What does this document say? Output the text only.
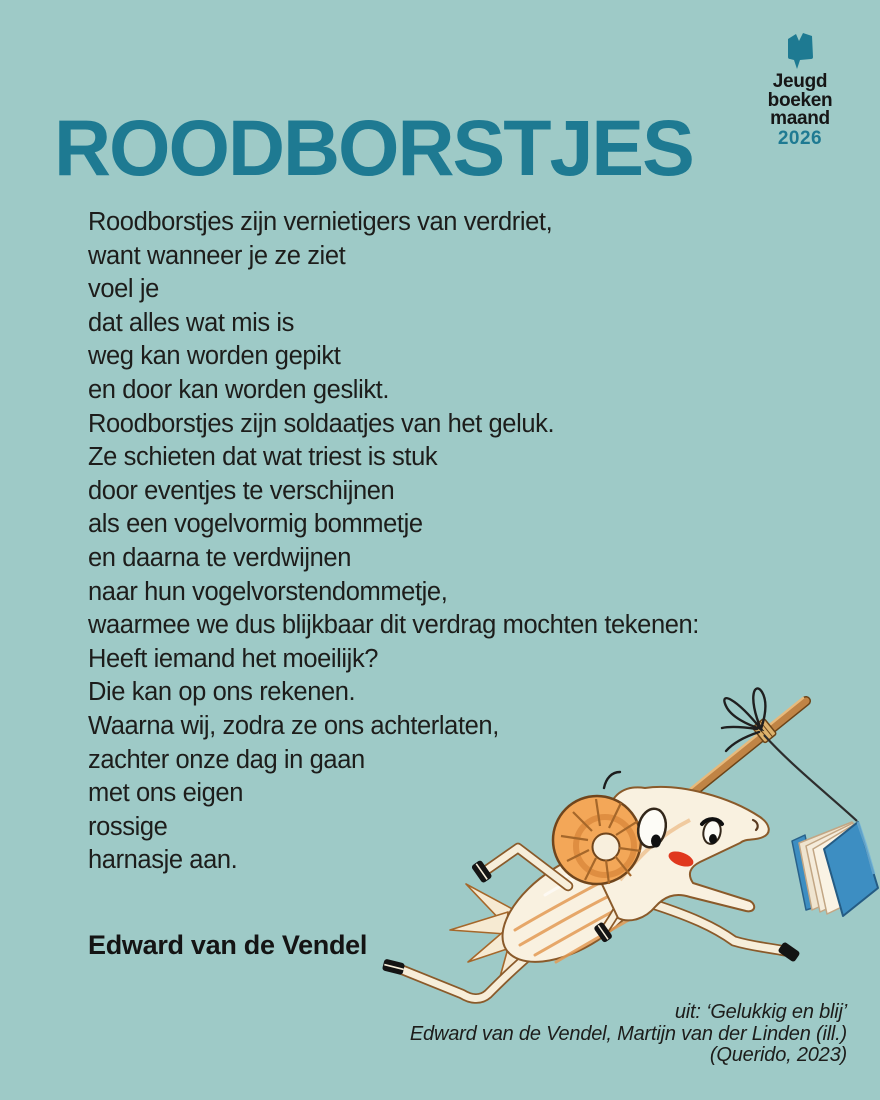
Jeugd
boeken
maand
2026
ROODBORSTJES
Roodborstjes zijn vernietigers van verdriet,
want wanneer je ze ziet
voel je
dat alles wat mis is
weg kan worden gepikt
en door kan worden geslikt.
Roodborstjes zijn soldaatjes van het geluk.
Ze schieten dat wat triest is stuk
door eventjes te verschijnen
als een vogelvormig bommetje
en daarna te verdwijnen
naar hun vogelvorstendommetje,
waarmee we dus blijkbaar dit verdrag mochten tekenen:
Heeft iemand het moeilijk?
Die kan op ons rekenen.
Waarna wij, zodra ze ons achterlaten,
zachter onze dag in gaan
met ons eigen
rossige
harnasje aan.
Edward van de Vendel
uit: ‘Gelukkig en blij’
Edward van de Vendel, Martijn van der Linden (ill.)
(Querido, 2023)
